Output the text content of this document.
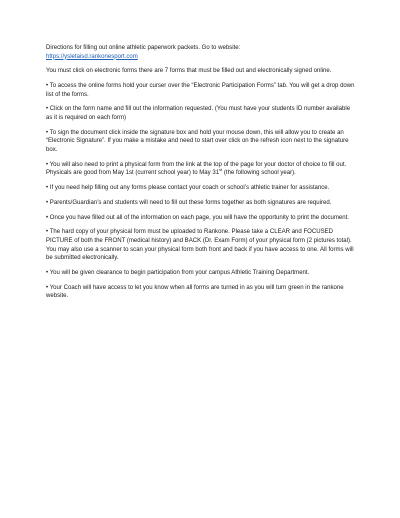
Directions for filling out online athletic paperwork packets. Go to website:
https://ysletaisd.rankonesport.com

You must click on electronic forms there are 7 forms that must be filled out and electronically signed online.

• To access the online forms hold your curser over the “Electronic Participation Forms” tab. You will get a drop down list of the forms.

• Click on the form name and fill out the information requested. (You must have your students ID number available as it is required on each form)

• To sign the document click inside the signature box and hold your mouse down, this will allow you to create an “Electronic Signature”. If you make a mistake and need to start over click on the refresh icon next to the signature box.

• You will also need to print a physical form from the link at the top of the page for your doctor of choice to fill out. Physicals are good from May 1st (current school year) to May 31st (the following school year).

• If you need help filling out any forms please contact your coach or school’s athletic trainer for assistance.

• Parents/Guardian’s and students will need to fill out these forms together as both signatures are required.

• Once you have filled out all of the information on each page, you will have the opportunity to print the document.

• The hard copy of your physical form must be uploaded to Rankone. Please take a CLEAR and FOCUSED PICTURE of both the FRONT (medical history) and BACK (Dr. Exam Form) of your physical form (2 pictures total). You may also use a scanner to scan your physical form both front and back if you have access to one. All forms will be submitted electronically.

• You will be given clearance to begin participation from your campus Athletic Training Department.

• Your Coach will have access to let you know when all forms are turned in as you will turn green in the rankone website.
